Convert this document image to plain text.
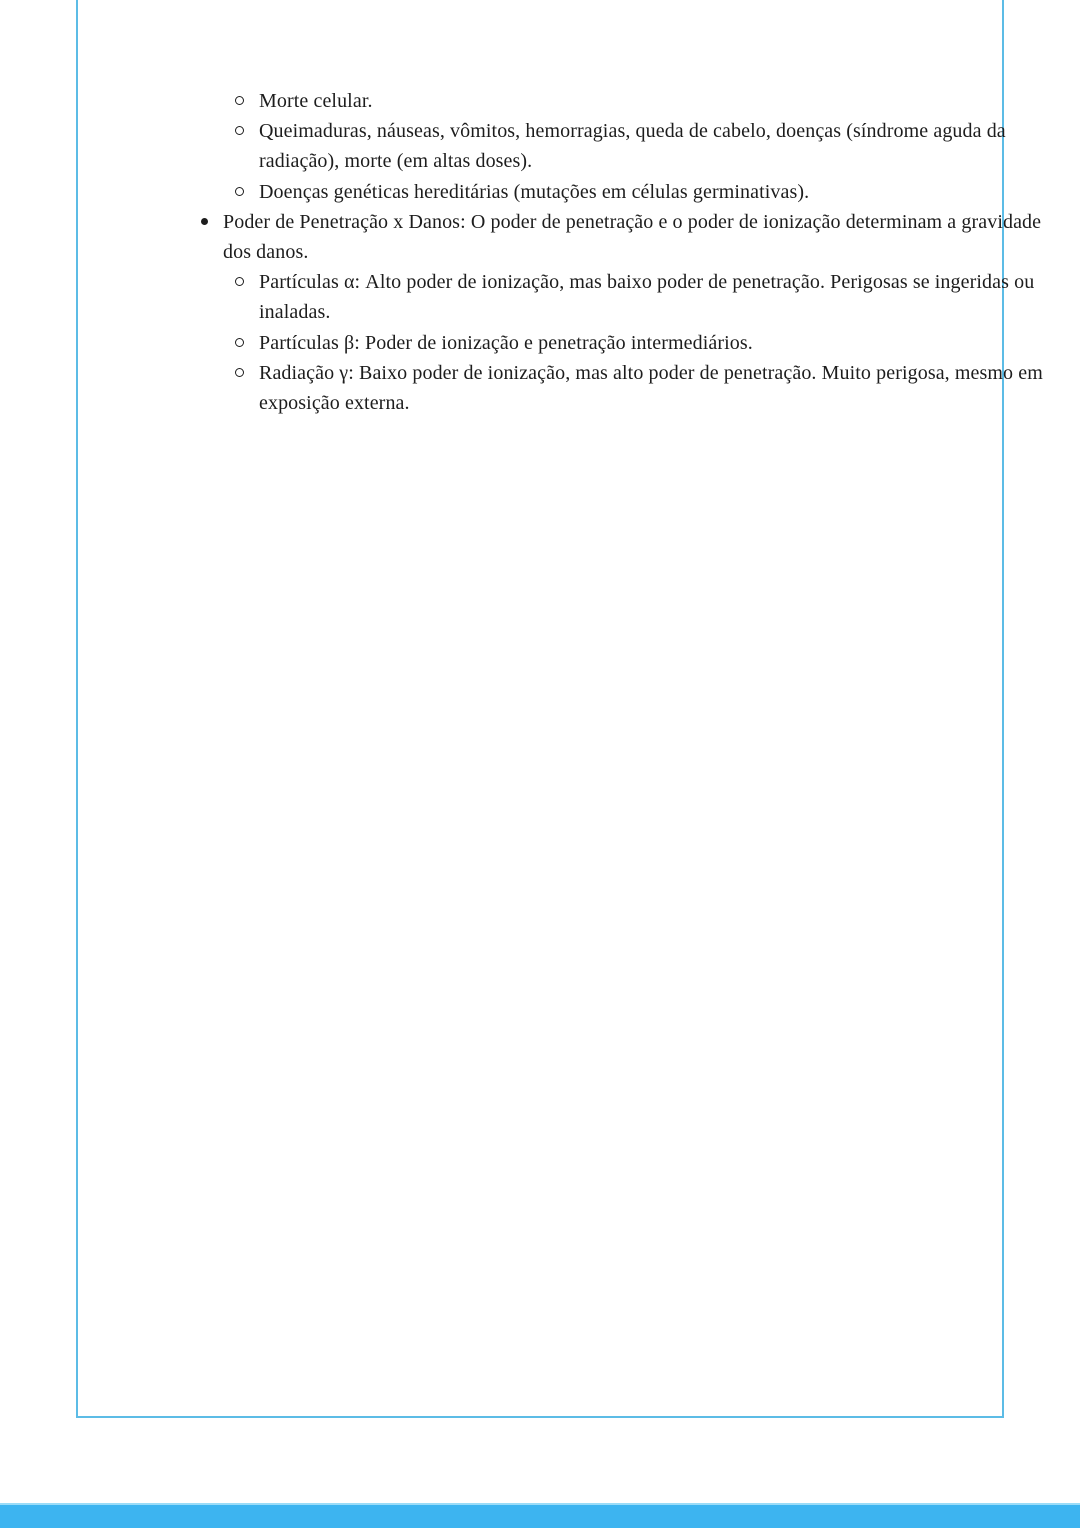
Morte celular.
Queimaduras, náuseas, vômitos, hemorragias, queda de cabelo, doenças (síndrome aguda da radiação), morte (em altas doses).
Doenças genéticas hereditárias (mutações em células germinativas).
Poder de Penetração x Danos: O poder de penetração e o poder de ionização determinam a gravidade dos danos.
Partículas α: Alto poder de ionização, mas baixo poder de penetração. Perigosas se ingeridas ou inaladas.
Partículas β: Poder de ionização e penetração intermediários.
Radiação γ: Baixo poder de ionização, mas alto poder de penetração. Muito perigosa, mesmo em exposição externa.
